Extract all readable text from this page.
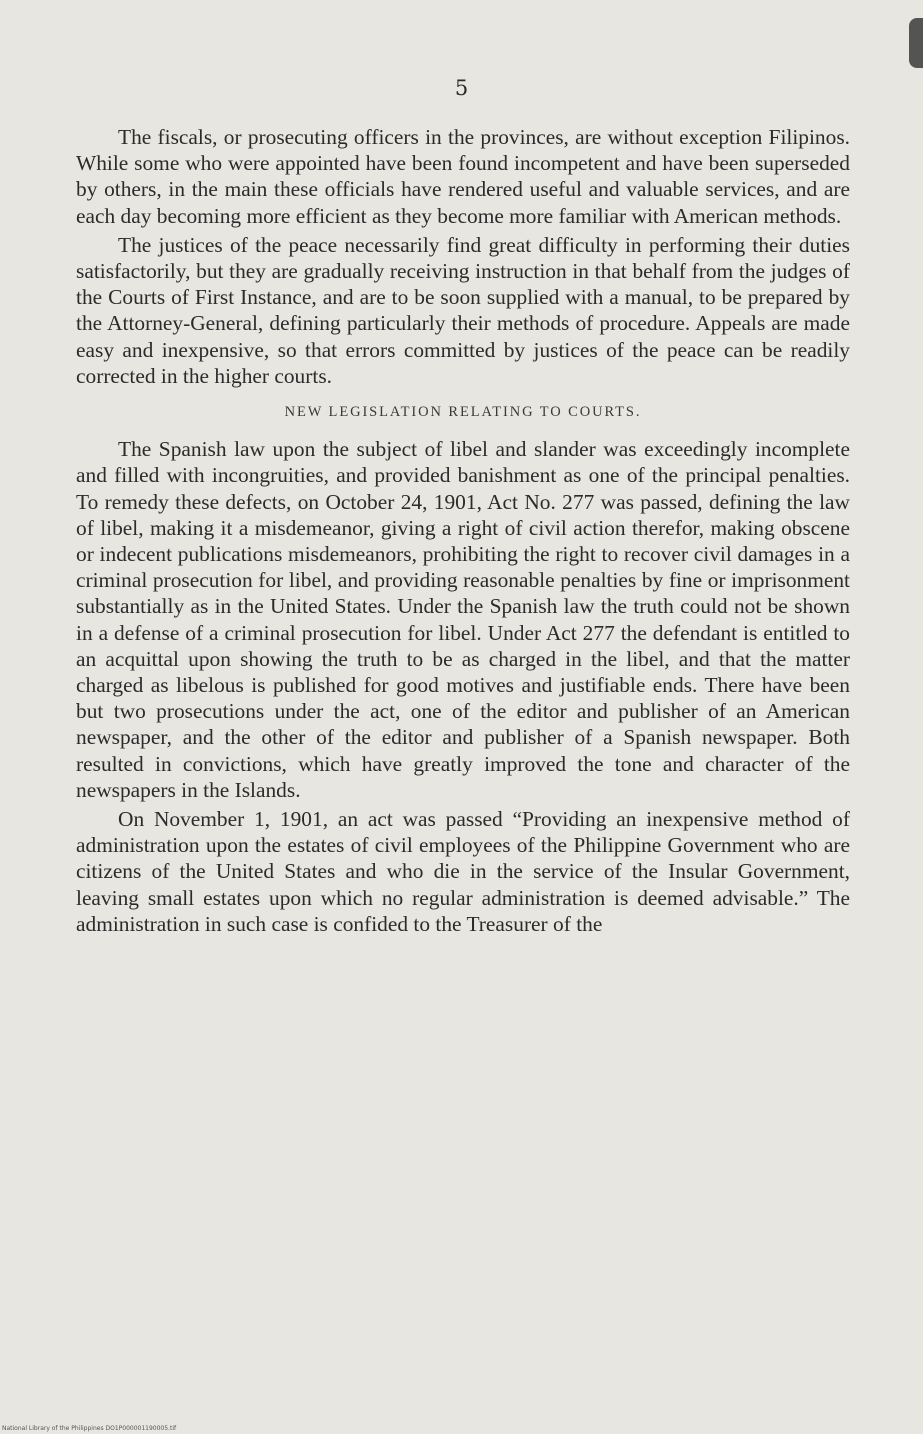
5

The fiscals, or prosecuting officers in the provinces, are without exception Filipinos. While some who were appointed have been found incompetent and have been superseded by others, in the main these officials have rendered useful and valuable services, and are each day becoming more efficient as they become more familiar with American methods.

The justices of the peace necessarily find great difficulty in performing their duties satisfactorily, but they are gradually receiving instruction in that behalf from the judges of the Courts of First Instance, and are to be soon supplied with a manual, to be prepared by the Attorney-General, defining particularly their methods of procedure. Appeals are made easy and inexpensive, so that errors committed by justices of the peace can be readily corrected in the higher courts.

NEW LEGISLATION RELATING TO COURTS.

The Spanish law upon the subject of libel and slander was exceedingly incomplete and filled with incongruities, and provided banishment as one of the principal penalties. To remedy these defects, on October 24, 1901, Act No. 277 was passed, defining the law of libel, making it a misdemeanor, giving a right of civil action therefor, making obscene or indecent publications misdemeanors, prohibiting the right to recover civil damages in a criminal prosecution for libel, and providing reasonable penalties by fine or imprisonment substantially as in the United States. Under the Spanish law the truth could not be shown in a defense of a criminal prosecution for libel. Under Act 277 the defendant is entitled to an acquittal upon showing the truth to be as charged in the libel, and that the matter charged as libelous is published for good motives and justifiable ends. There have been but two prosecutions under the act, one of the editor and publisher of an American newspaper, and the other of the editor and publisher of a Spanish newspaper. Both resulted in convictions, which have greatly improved the tone and character of the newspapers in the Islands.

On November 1, 1901, an act was passed “Providing an inexpensive method of administration upon the estates of civil employees of the Philippine Government who are citizens of the United States and who die in the service of the Insular Government, leaving small estates upon which no regular administration is deemed advisable.” The administration in such case is confided to the Treasurer of the

National Library of the Philippines DO1P000001190005.tif
